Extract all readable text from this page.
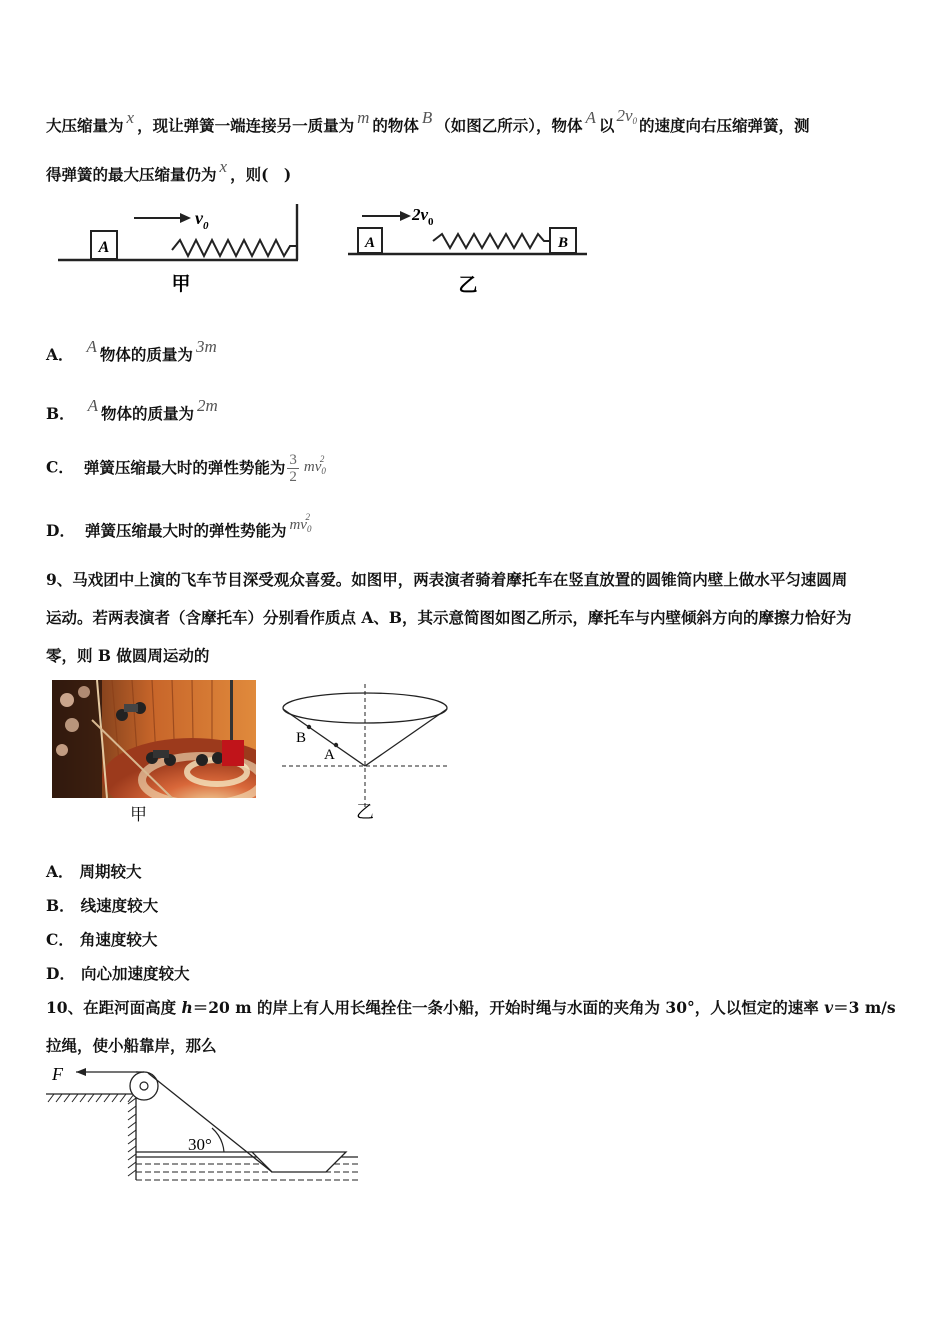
大压缩量为 x ，现让弹簧一端连接另一质量为 m 的物体 B （如图乙所示），物体 A 以$2v_0$ 的速度向右压缩弹簧，测
得弹簧的最大压缩量仍为 x ，则(　)
A
$v_0$
甲
A	B
$2v_0$
乙
A． A 物体的质量为 3m
B． A 物体的质量为 2m
C． 弹簧压缩最大时的弹性势能为 $\frac{3}{2} mv_0^2$
D． 弹簧压缩最大时的弹性势能为 $mv_0^2$
9、马戏团中上演的飞车节目深受观众喜爱。如图甲，两表演者骑着摩托车在竖直放置的圆锥筒内壁上做水平匀速圆周
运动。若两表演者（含摩托车）分别看作质点 A、B，其示意简图如图乙所示，摩托车与内壁倾斜方向的摩擦力恰好为
零，则 B 做圆周运动的
甲
B
A
乙
A． 周期较大
B． 线速度较大
C． 角速度较大
D． 向心加速度较大
10、在距河面高度 h＝20 m 的岸上有人用长绳拴住一条小船，开始时绳与水面的夹角为 30°，人以恒定的速率 v＝3 m/s
拉绳，使小船靠岸，那么
F
30°
